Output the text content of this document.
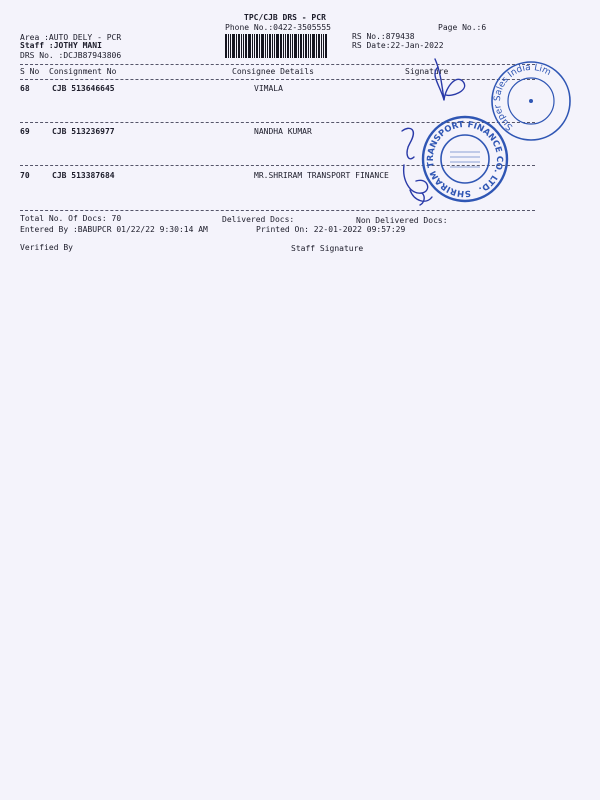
TPC/CJB DRS - PCR
Phone No.:0422-3505555	Page No.:6
Area :AUTO DELY - PCR
Staff :JOTHY MANI
DRS No. :DCJB87943806
RS No.:879438
RS Date:22-Jan-2022
S No Consignment No	Consignee Details	Signature
68	CJB 513646645	VIMALA
69	CJB 513236977	NANDHA KUMAR
70	CJB 513387684	MR.SHRIRAM TRANSPORT FINANCE
Total No. Of Docs: 70	Delivered Docs:	Non Delivered Docs:
Entered By :BABUPCR 01/22/22 9:30:14 AM	Printed On: 22-01-2022 09:57:29
Verified By	Staff Signature
Super Sales India Limited
SHRIRAM TRANSPORT FINANCE CO. LTD.
